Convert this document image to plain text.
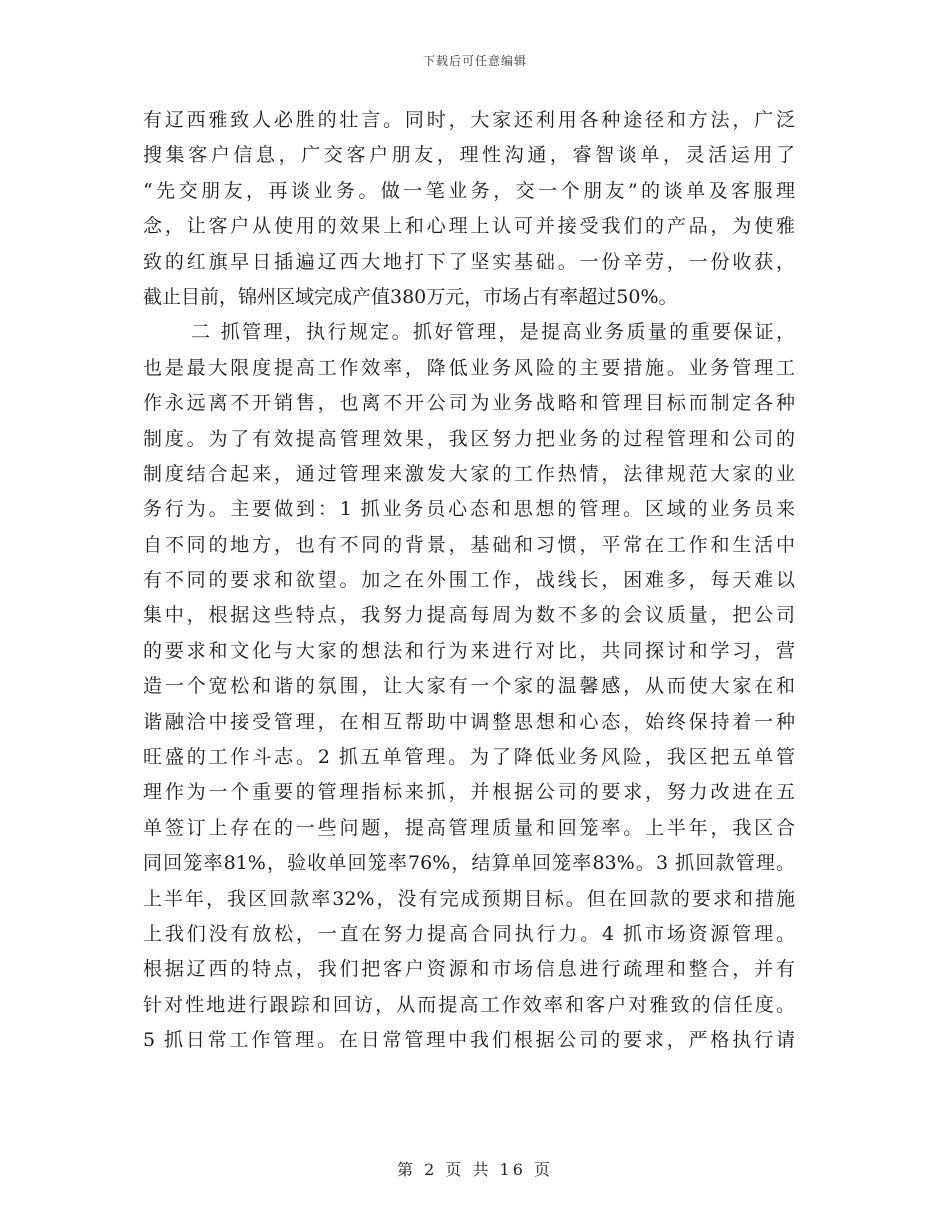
下载后可任意编辑
有辽西雅致人必胜的壮言。同时，大家还利用各种途径和方法，广泛
搜集客户信息，广交客户朋友，理性沟通，睿智谈单，灵活运用了
“先交朋友，再谈业务。做一笔业务，交一个朋友”的谈单及客服理
念，让客户从使用的效果上和心理上认可并接受我们的产品，为使雅
致的红旗早日插遍辽西大地打下了坚实基础。一份辛劳，一份收获，
截止目前，锦州区域完成产值380万元，市场占有率超过50%。
二 抓管理，执行规定。抓好管理，是提高业务质量的重要保证，
也是最大限度提高工作效率，降低业务风险的主要措施。业务管理工
作永远离不开销售，也离不开公司为业务战略和管理目标而制定各种
制度。为了有效提高管理效果，我区努力把业务的过程管理和公司的
制度结合起来，通过管理来激发大家的工作热情，法律规范大家的业
务行为。主要做到：1 抓业务员心态和思想的管理。区域的业务员来
自不同的地方，也有不同的背景，基础和习惯，平常在工作和生活中
有不同的要求和欲望。加之在外围工作，战线长，困难多，每天难以
集中，根据这些特点，我努力提高每周为数不多的会议质量，把公司
的要求和文化与大家的想法和行为来进行对比，共同探讨和学习，营
造一个宽松和谐的氛围，让大家有一个家的温馨感，从而使大家在和
谐融洽中接受管理，在相互帮助中调整思想和心态，始终保持着一种
旺盛的工作斗志。2 抓五单管理。为了降低业务风险，我区把五单管
理作为一个重要的管理指标来抓，并根据公司的要求，努力改进在五
单签订上存在的一些问题，提高管理质量和回笼率。上半年，我区合
同回笼率81%，验收单回笼率76%，结算单回笼率83%。3 抓回款管理。
上半年，我区回款率32%，没有完成预期目标。但在回款的要求和措施
上我们没有放松，一直在努力提高合同执行力。4 抓市场资源管理。
根据辽西的特点，我们把客户资源和市场信息进行疏理和整合，并有
针对性地进行跟踪和回访，从而提高工作效率和客户对雅致的信任度。
5 抓日常工作管理。在日常管理中我们根据公司的要求，严格执行请
第 2 页 共 16 页
